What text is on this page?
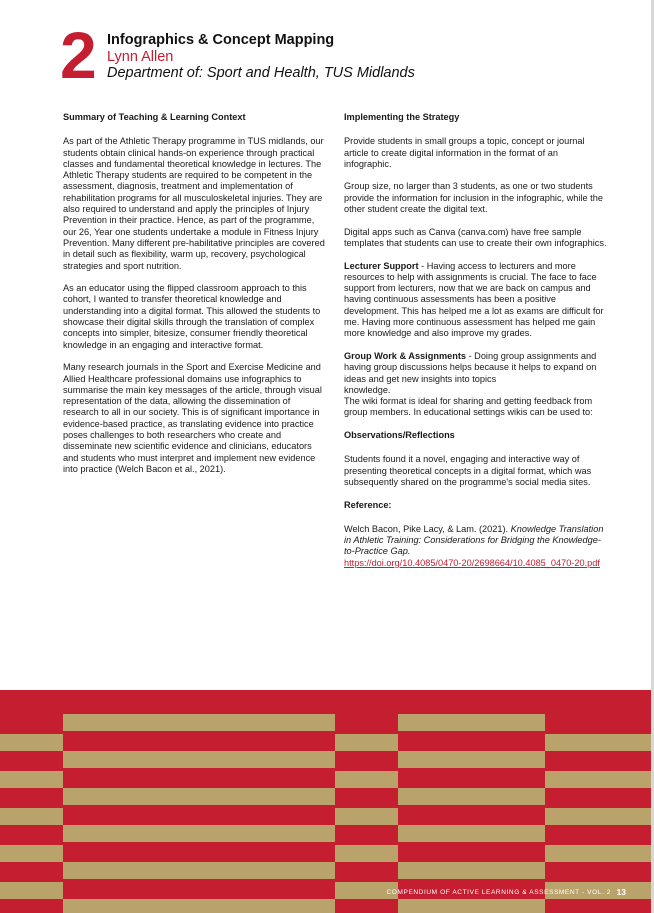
2 Infographics & Concept Mapping
Lynn Allen
Department of: Sport and Health, TUS Midlands
Summary of Teaching & Learning Context

As part of the Athletic Therapy programme in TUS midlands, our students obtain clinical hands-on experience through practical classes and fundamental theoretical knowledge in lectures. The Athletic Therapy students are required to be competent in the assessment, diagnosis, treatment and implementation of rehabilitation programs for all musculoskeletal injuries. They are also required to understand and apply the principles of Injury Prevention in their practice. Hence, as part of the programme, our 26, Year one students undertake a module in Fitness Injury Prevention. Many different pre-habilitative principles are covered in detail such as flexibility, warm up, recovery, psychological strategies and sport nutrition.

As an educator using the flipped classroom approach to this cohort, I wanted to transfer theoretical knowledge and understanding into a digital format. This allowed the students to showcase their digital skills through the translation of complex concepts into simpler, bitesize, consumer friendly theoretical knowledge in an engaging and interactive format.

Many research journals in the Sport and Exercise Medicine and Allied Healthcare professional domains use infographics to summarise the main key messages of the article, through visual representation of the data, allowing the dissemination of research to all in our society. This is of significant importance in evidence-based practice, as translating evidence into practice poses challenges to both researchers who create and disseminate new scientific evidence and clinicians, educators and students who must interpret and implement new evidence into practice (Welch Bacon et al., 2021).

Implementing the Strategy

Provide students in small groups a topic, concept or journal article to create digital information in the format of an infographic.

Group size, no larger than 3 students, as one or two students provide the information for inclusion in the infographic, while the other student create the digital text.

Digital apps such as Canva (canva.com) have free sample templates that students can use to create their own infographics.

Lecturer Support - Having access to lecturers and more resources to help with assignments is crucial. The face to face support from lecturers, now that we are back on campus and having continuous assessments has been a positive development. This has helped me a lot as exams are difficult for me. Having more continuous assessment has helped me gain more knowledge and also improve my grades.

Group Work & Assignments - Doing group assignments and having group discussions helps because it helps to expand on ideas and get new insights into topics
knowledge.
The wiki format is ideal for sharing and getting feedback from group members. In educational settings wikis can be used to:

Observations/Reflections

Students found it a novel, engaging and interactive way of presenting theoretical concepts in a digital format, which was subsequently shared on the programme's social media sites.

Reference:

Welch Bacon, Pike Lacy, & Lam. (2021). Knowledge Translation in Athletic Training: Considerations for Bridging the Knowledge-to-Practice Gap.
https://doi.org/10.4085/0470-20/2698664/10.4085_0470-20.pdf

COMPENDIUM OF ACTIVE LEARNING & ASSESSMENT - VOL. 2 13
